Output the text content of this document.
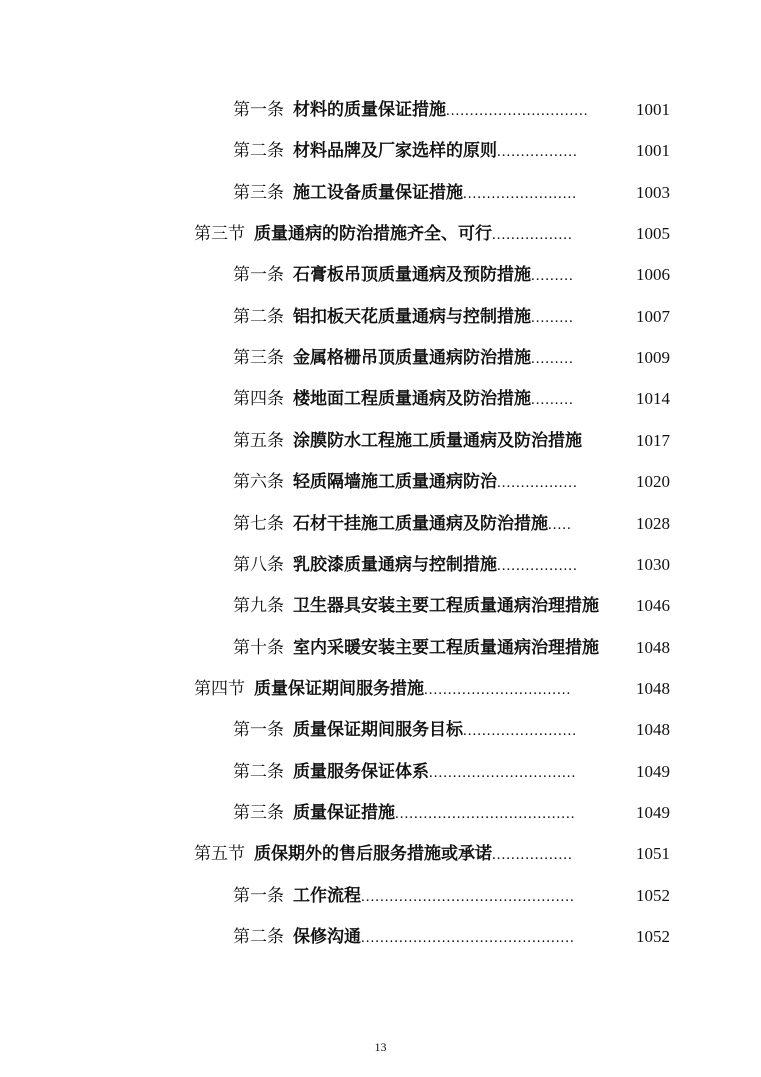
第一条 材料的质量保证措施 ..............................	1001
第二条 材料品牌及厂家选样的原则 .................	1001
第三条 施工设备质量保证措施 ........................	1003
第三节 质量通病的防治措施齐全、可行 .................	1005
第一条 石膏板吊顶质量通病及预防措施 .........	1006
第二条 铝扣板天花质量通病与控制措施 .........	1007
第三条 金属格栅吊顶质量通病防治措施 .........	1009
第四条 楼地面工程质量通病及防治措施 .........	1014
第五条 涂膜防水工程施工质量通病及防治措施	1017
第六条 轻质隔墙施工质量通病防治 .................	1020
第七条 石材干挂施工质量通病及防治措施 .....	1028
第八条 乳胶漆质量通病与控制措施 .................	1030
第九条 卫生器具安装主要工程质量通病治理措施 1046
第十条 室内采暖安装主要工程质量通病治理措施 1048
第四节 质量保证期间服务措施 ...............................	1048
第一条 质量保证期间服务目标 ........................	1048
第二条 质量服务保证体系 ...............................	1049
第三条 质量保证措施 ......................................	1049
第五节 质保期外的售后服务措施或承诺 .................	1051
第一条 工作流程 .............................................	1052
第二条 保修沟通 .............................................	1052
13
